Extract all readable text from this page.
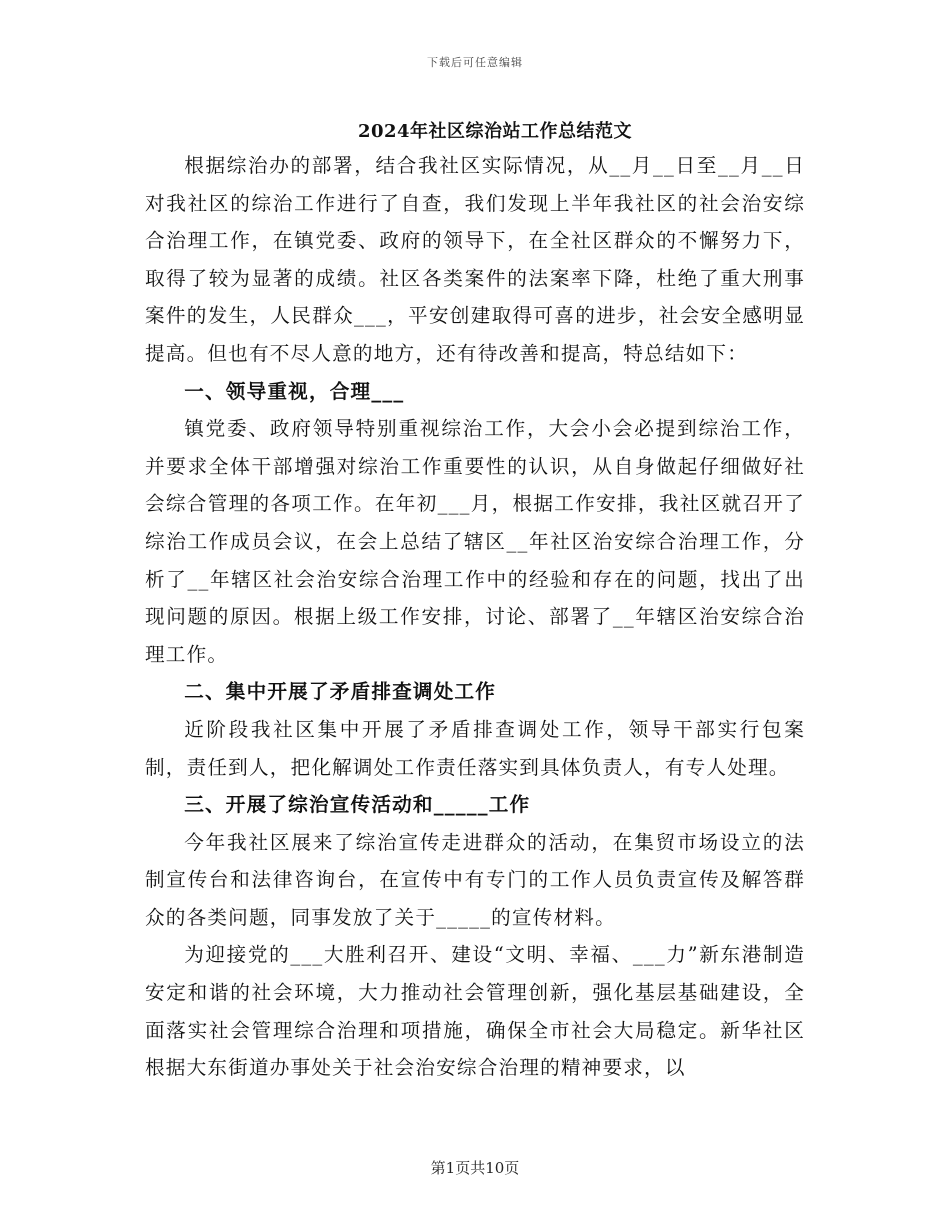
下载后可任意编辑
2024年社区综治站工作总结范文

根据综治办的部署，结合我社区实际情况，从__月__日至__月__日对我社区的综治工作进行了自查，我们发现上半年我社区的社会治安综合治理工作，在镇党委、政府的领导下，在全社区群众的不懈努力下，取得了较为显著的成绩。社区各类案件的法案率下降，杜绝了重大刑事案件的发生，人民群众___，平安创建取得可喜的进步，社会安全感明显提高。但也有不尽人意的地方，还有待改善和提高，特总结如下：

一、领导重视，合理___

镇党委、政府领导特别重视综治工作，大会小会必提到综治工作，并要求全体干部增强对综治工作重要性的认识，从自身做起仔细做好社会综合管理的各项工作。在年初___月，根据工作安排，我社区就召开了综治工作成员会议，在会上总结了辖区__年社区治安综合治理工作，分析了__年辖区社会治安综合治理工作中的经验和存在的问题，找出了出现问题的原因。根据上级工作安排，讨论、部署了__年辖区治安综合治理工作。

二、集中开展了矛盾排查调处工作

近阶段我社区集中开展了矛盾排查调处工作，领导干部实行包案制，责任到人，把化解调处工作责任落实到具体负责人，有专人处理。

三、开展了综治宣传活动和_____工作

今年我社区展来了综治宣传走进群众的活动，在集贸市场设立的法制宣传台和法律咨询台，在宣传中有专门的工作人员负责宣传及解答群众的各类问题，同事发放了关于_____的宣传材料。

为迎接党的___大胜利召开、建设“文明、幸福、___力”新东港制造安定和谐的社会环境，大力推动社会管理创新，强化基层基础建设，全面落实社会管理综合治理和项措施，确保全市社会大局稳定。新华社区根据大东街道办事处关于社会治安综合治理的精神要求，以

第1页共10页
